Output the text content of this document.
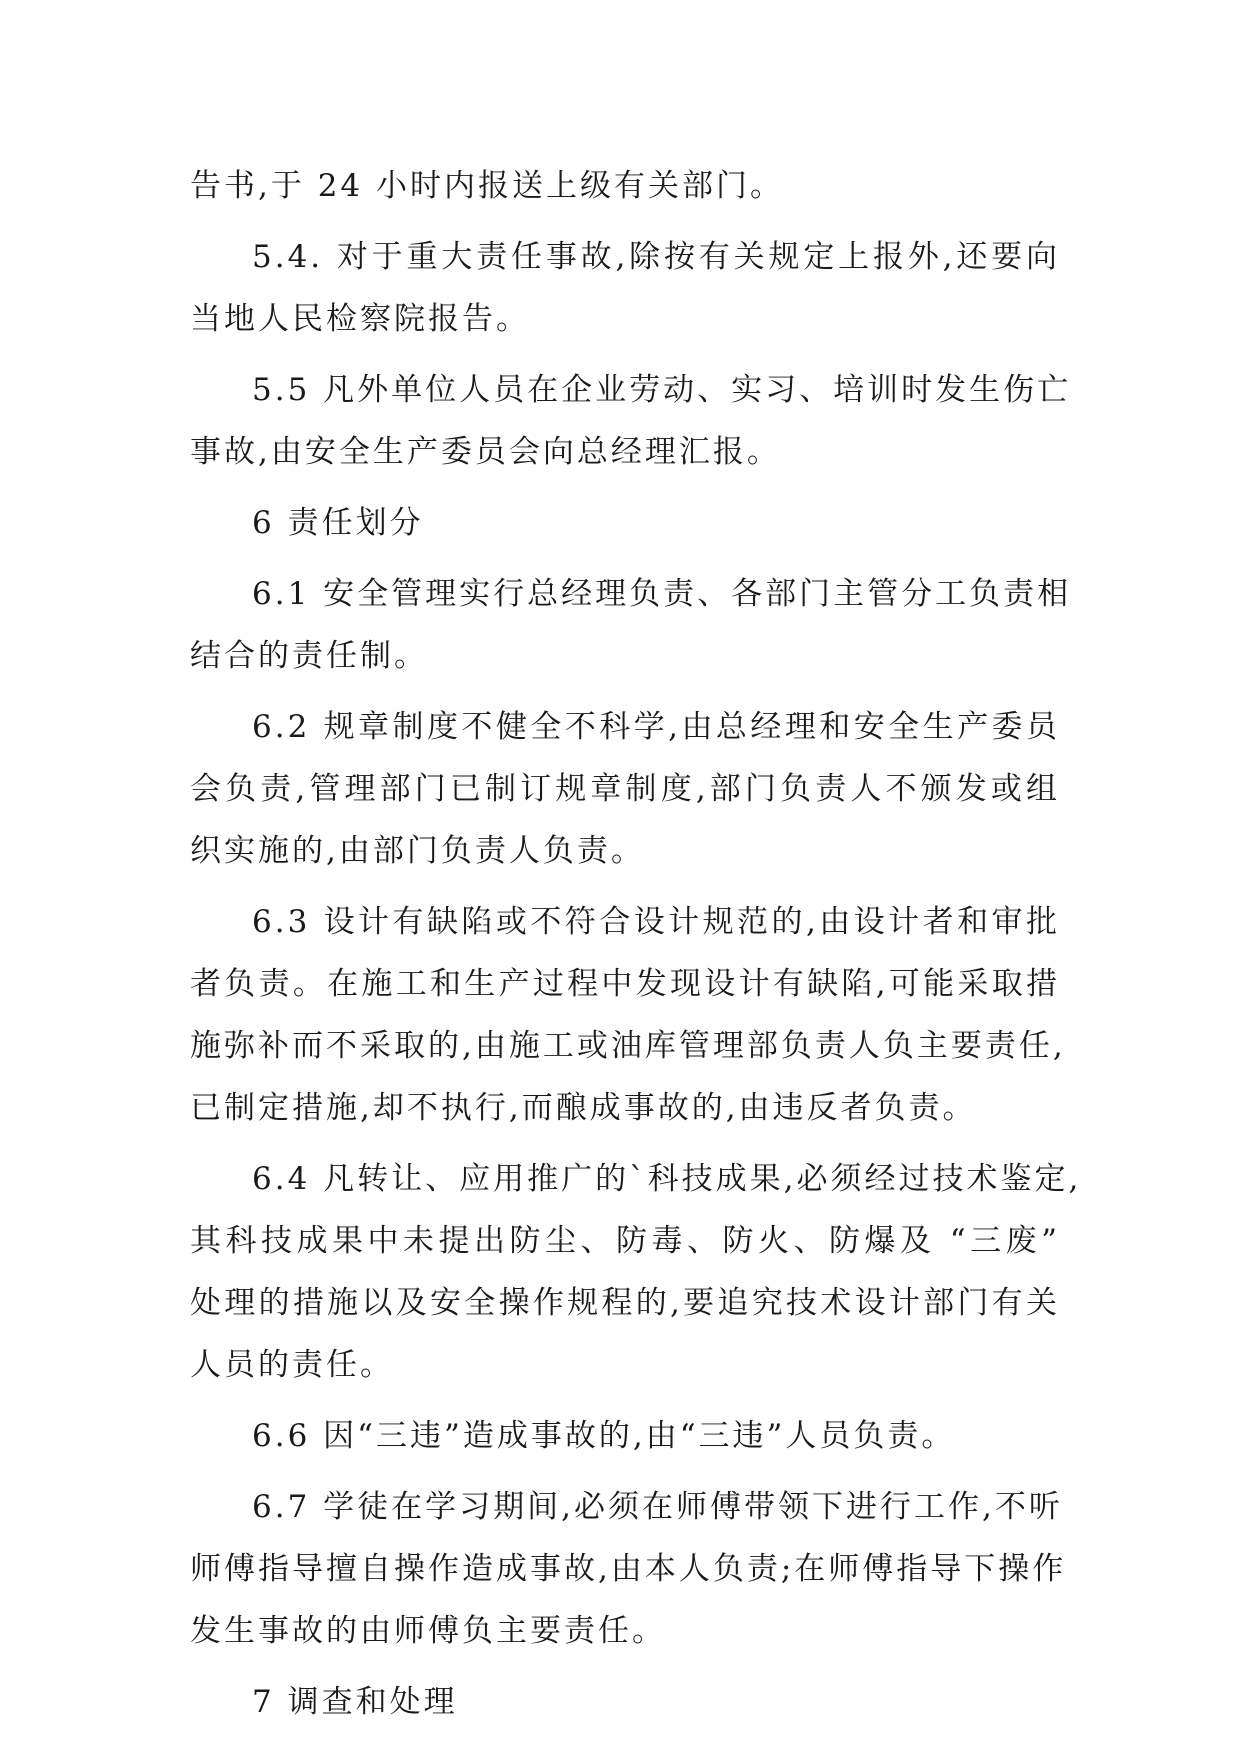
告书,于 24 小时内报送上级有关部门。
5.4. 对于重大责任事故,除按有关规定上报外,还要向
当地人民检察院报告。
5.5 凡外单位人员在企业劳动、实习、培训时发生伤亡
事故,由安全生产委员会向总经理汇报。
6 责任划分
6.1 安全管理实行总经理负责、各部门主管分工负责相
结合的责任制。
6.2 规章制度不健全不科学,由总经理和安全生产委员
会负责,管理部门已制订规章制度,部门负责人不颁发或组
织实施的,由部门负责人负责。
6.3 设计有缺陷或不符合设计规范的,由设计者和审批
者负责。在施工和生产过程中发现设计有缺陷,可能采取措
施弥补而不采取的,由施工或油库管理部负责人负主要责任,
已制定措施,却不执行,而酿成事故的,由违反者负责。
6.4 凡转让、应用推广的`科技成果,必须经过技术鉴定,
其科技成果中未提出防尘、防毒、防火、防爆及 “三废”
处理的措施以及安全操作规程的,要追究技术设计部门有关
人员的责任。
6.6 因“三违”造成事故的,由“三违”人员负责。
6.7 学徒在学习期间,必须在师傅带领下进行工作,不听
师傅指导擅自操作造成事故,由本人负责;在师傅指导下操作
发生事故的由师傅负主要责任。
7 调查和处理
